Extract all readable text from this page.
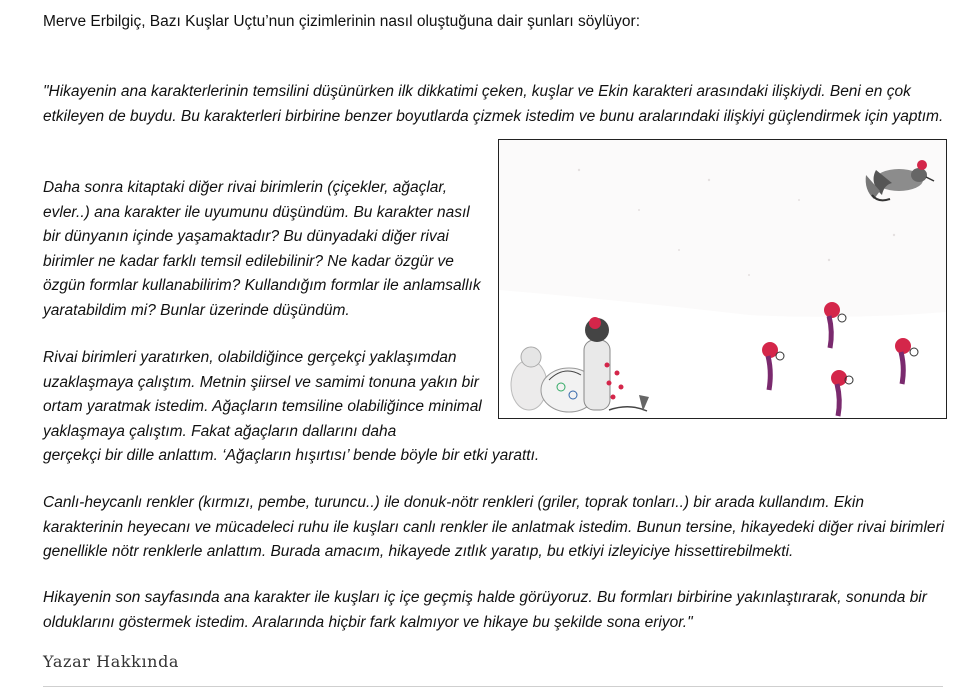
Merve Erbilgiç, Bazı Kuşlar Uçtu’nun çizimlerinin nasıl oluştuğuna dair şunları söylüyor:

"Hikayenin ana karakterlerinin temsilini düşünürken ilk dikkatimi çeken, kuşlar ve Ekin karakteri arasındaki ilişkiydi. Beni en çok etkileyen de buydu. Bu karakterleri birbirine benzer boyutlarda çizmek istedim ve bunu aralarındaki ilişkiyi güçlendirmek için yaptım.

Daha sonra kitaptaki diğer rivai birimlerin (çiçekler, ağaçlar, evler..) ana karakter ile uyumunu düşündüm. Bu karakter nasıl bir dünyanın içinde yaşamaktadır? Bu dünyadaki diğer rivai birimler ne kadar farklı temsil edilebilinir? Ne kadar özgür ve özgün formlar kullanabilirim? Kullandığım formlar ile anlamsallık yaratabildim mi? Bunlar üzerinde düşündüm.

Rivai birimleri yaratırken, olabildiğince gerçekçi yaklaşımdan uzaklaşmaya çalıştım. Metnin şiirsel ve samimi tonuna yakın bir ortam yaratmak istedim. Ağaçların temsiline olabiliğince minimal yaklaşmaya çalıştım. Fakat ağaçların dallarını daha

gerçekçi bir dille anlattım. ‘Ağaçların hışırtısı’ bende böyle bir etki yarattı.

Canlı-heycanlı renkler (kırmızı, pembe, turuncu..) ile donuk-nötr renkleri (griler, toprak tonları..) bir arada kullandım. Ekin karakterinin heyecanı ve mücadeleci ruhu ile kuşları canlı renkler ile anlatmak istedim. Bunun tersine, hikayedeki diğer rivai birimleri genellikle nötr renklerle anlattım. Burada amacım, hikayede zıtlık yaratıp, bu etkiyi izleyiciye hissettirebilmekti.

Hikayenin son sayfasında ana karakter ile kuşları iç içe geçmiş halde görüyoruz. Bu formları birbirine yakınlaştırarak, sonunda bir olduklarını göstermek istedim. Aralarında hiçbir fark kalmıyor ve hikaye bu şekilde sona eriyor."

Yazar Hakkında
